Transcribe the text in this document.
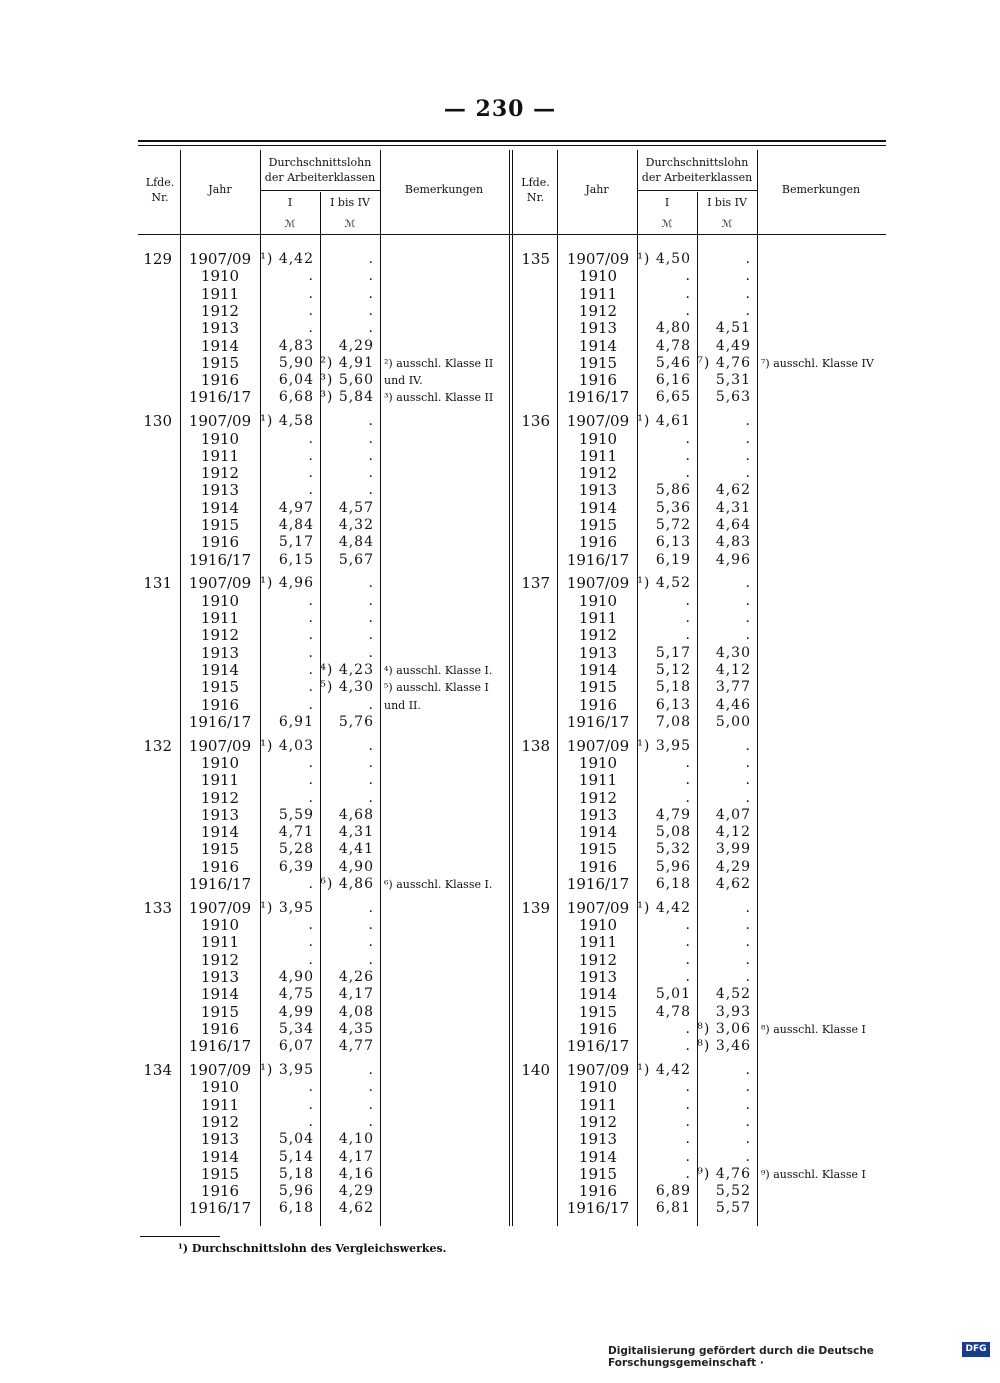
— 230 —
Lfde. Nr.
Jahr
Durchschnittslohn der Arbeiterklassen
I	I bis IV
ℳ	ℳ
Bemerkungen
Lfde. Nr.
Jahr
Durchschnittslohn der Arbeiterklassen
I	I bis IV
ℳ	ℳ
Bemerkungen
129 1907/09 ¹) 4,42	.
1910	.	.
1911	.	.
1912	.	.
1913	.	.
1914	4,83	4,29
1915	5,90 ²) 4,91
1916	6,04 ³) 5,60
1916/17	6,68 ³) 5,84
²) ausschl. Klasse II
und IV.
³) ausschl. Klasse II
130 1907/09 ¹) 4,58	.
1910	.	.
1911	.	.
1912	.	.
1913	.	.
1914	4,97	4,57
1915	4,84	4,32
1916	5,17	4,84
1916/17	6,15	5,67
131 1907/09 ¹) 4,96	.
1910	.	.
1911	.	.
1912	.	.
1913	.	.
1914	. ⁴) 4,23
1915	. ⁵) 4,30
1916	.	.
1916/17	6,91	5,76
⁴) ausschl. Klasse I.
⁵) ausschl. Klasse I
und II.
132 1907/09 ¹) 4,03	.
1910	.	.
1911	.	.
1912	.	.
1913	5,59	4,68
1914	4,71	4,31
1915	5,28	4,41
1916	6,39	4,90
1916/17	. ⁶) 4,86 ⁶) ausschl. Klasse I.
133 1907/09 ¹) 3,95	.
1910	.	.
1911	.	.
1912	.	.
1913	4,90	4,26
1914	4,75	4,17
1915	4,99	4,08
1916	5,34	4,35
1916/17	6,07	4,77
134 1907/09 ¹) 3,95	.
1910	.	.
1911	.	.
1912	.	.
1913	5,04	4,10
1914	5,14	4,17
1915	5,18	4,16
1916	5,96	4,29
1916/17	6,18	4,62
135 1907/09 ¹) 4,50	.
1910	.	.
1911	.	.
1912	.	.
1913	4,80	4,51
1914	4,78	4,49
1915	5,46 ⁷) 4,76
1916	6,16	5,31
1916/17	6,65	5,63
⁷) ausschl. Klasse IV
136 1907/09 ¹) 4,61	.
1910	.	.
1911	.	.
1912	.	.
1913	5,86	4,62
1914	5,36	4,31
1915	5,72	4,64
1916	6,13	4,83
1916/17	6,19	4,96
137 1907/09 ¹) 4,52	.
1910	.	.
1911	.	.
1912	.	.
1913	5,17	4,30
1914	5,12	4,12
1915	5,18	3,77
1916	6,13	4,46
1916/17	7,08	5,00
138 1907/09 ¹) 3,95	.
1910	.	.
1911	.	.
1912	.	.
1913	4,79	4,07
1914	5,08	4,12
1915	5,32	3,99
1916	5,96	4,29
1916/17	6,18	4,62
139 1907/09 ¹) 4,42	.
1910	.	.
1911	.	.
1912	.	.
1913	.	.
1914	5,01	4,52
1915	4,78	3,93
1916	. ⁸) 3,06
1916/17	. ⁸) 3,46
⁸) ausschl. Klasse I
140 1907/09 ¹) 4,42	.
1910	.	.
1911	.	.
1912	.	.
1913	.	.
1914	.	.
1915	. ⁹) 4,76
1916	6,89	5,52
1916/17	6,81	5,57
⁹) ausschl. Klasse I
¹) Durchschnittslohn des Vergleichswerkes.
Digitalisierung gefördert durch die Deutsche Forschungsgemeinschaft ·
DFG
